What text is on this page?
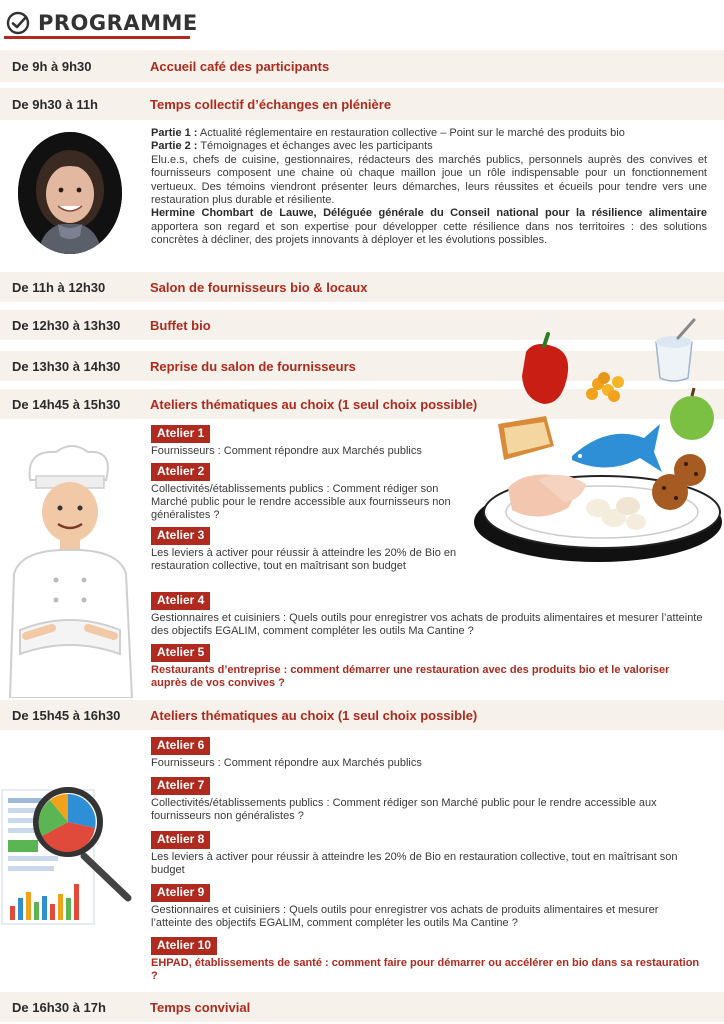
PROGRAMME
De 9h à 9h30	Accueil café des participants
De 9h30 à 11h	Temps collectif d’échanges en plénière
Partie 1 : Actualité réglementaire en restauration collective – Point sur le marché des produits bio
Partie 2 : Témoignages et échanges avec les participants
Elu.e.s, chefs de cuisine, gestionnaires, rédacteurs des marchés publics, personnels auprès des convives et fournisseurs composent une chaine où chaque maillon joue un rôle indispensable pour un fonctionnement vertueux. Des témoins viendront présenter leurs démarches, leurs réussites et écueils pour tendre vers une restauration plus durable et résiliente.
Hermine Chombart de Lauwe, Déléguée générale du Conseil national pour la résilience alimentaire apportera son regard et son expertise pour développer cette résilience dans nos territoires : des solutions concrètes à décliner, des projets innovants à déployer et les évolutions possibles.
De 11h à 12h30	Salon de fournisseurs bio & locaux
De 12h30 à 13h30	Buffet bio
De 13h30 à 14h30	Reprise du salon de fournisseurs
De 14h45 à 15h30	Ateliers thématiques au choix (1 seul choix possible)
Atelier 1
Fournisseurs : Comment répondre aux Marchés publics
Atelier 2
Collectivités/établissements publics : Comment rédiger son Marché public pour le rendre accessible aux fournisseurs non généralistes ?
Atelier 3
Les leviers à activer pour réussir à atteindre les 20% de Bio en restauration collective, tout en maîtrisant son budget
Atelier 4
Gestionnaires et cuisiniers : Quels outils pour enregistrer vos achats de produits alimentaires et mesurer l’atteinte des objectifs EGALIM, comment compléter les outils Ma Cantine ?
Atelier 5
Restaurants d’entreprise : comment démarrer une restauration avec des produits bio et le valoriser auprès de vos convives ?
De 15h45 à 16h30	Ateliers thématiques au choix (1 seul choix possible)
Atelier 6
Fournisseurs : Comment répondre aux Marchés publics
Atelier 7
Collectivités/établissements publics : Comment rédiger son Marché public pour le rendre accessible aux fournisseurs non généralistes ?
Atelier 8
Les leviers à activer pour réussir à atteindre les 20% de Bio en restauration collective, tout en maîtrisant son budget
Atelier 9
Gestionnaires et cuisiniers : Quels outils pour enregistrer vos achats de produits alimentaires et mesurer l’atteinte des objectifs EGALIM, comment compléter les outils Ma Cantine ?
Atelier 10
EHPAD, établissements de santé : comment faire pour démarrer ou accélérer en bio dans sa restauration ?
De 16h30 à 17h	Temps convivial
